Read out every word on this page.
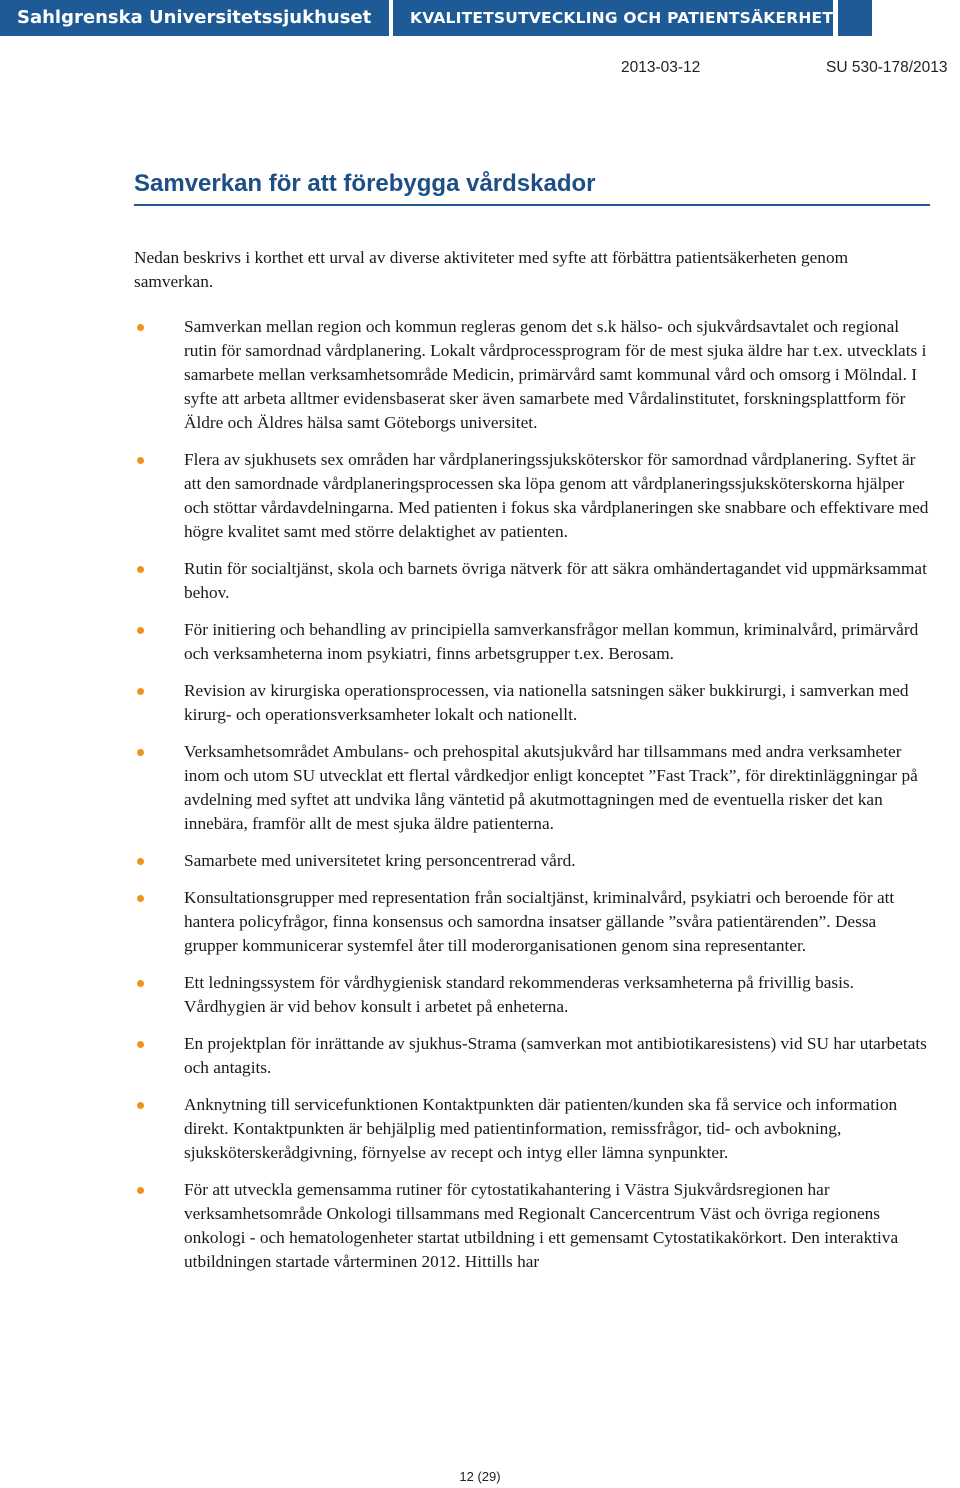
Sahlgrenska Universitetssjukhuset	KVALITETSUTVECKLING OCH PATIENTSÄKERHET
2013-03-12	SU 530-178/2013
Samverkan för att förebygga vårdskador

Nedan beskrivs i korthet ett urval av diverse aktiviteter med syfte att förbättra patientsäkerheten genom samverkan.

Samverkan mellan region och kommun regleras genom det s.k hälso- och sjukvårdsavtalet och regional rutin för samordnad vårdplanering. Lokalt vårdprocessprogram för de mest sjuka äldre har t.ex. utvecklats i samarbete mellan verksamhetsområde Medicin, primärvård samt kommunal vård och omsorg i Mölndal. I syfte att arbeta alltmer evidensbaserat sker även samarbete med Vårdalinstitutet, forskningsplattform för Äldre och Äldres hälsa samt Göteborgs universitet.
Flera av sjukhusets sex områden har vårdplaneringssjuksköterskor för samordnad vårdplanering. Syftet är att den samordnade vårdplaneringsprocessen ska löpa genom att vårdplaneringssjuksköterskorna hjälper och stöttar vårdavdelningarna. Med patienten i fokus ska vårdplaneringen ske snabbare och effektivare med högre kvalitet samt med större delaktighet av patienten.
Rutin för socialtjänst, skola och barnets övriga nätverk för att säkra omhändertagandet vid uppmärksammat behov.
För initiering och behandling av principiella samverkansfrågor mellan kommun, kriminalvård, primärvård och verksamheterna inom psykiatri, finns arbetsgrupper t.ex. Berosam.
Revision av kirurgiska operationsprocessen, via nationella satsningen säker bukkirurgi, i samverkan med kirurg- och operationsverksamheter lokalt och nationellt.
Verksamhetsområdet Ambulans- och prehospital akutsjukvård har tillsammans med andra verksamheter inom och utom SU utvecklat ett flertal vårdkedjor enligt konceptet ”Fast Track”, för direktinläggningar på avdelning med syftet att undvika lång väntetid på akutmottagningen med de eventuella risker det kan innebära, framför allt de mest sjuka äldre patienterna.
Samarbete med universitetet kring personcentrerad vård.
Konsultationsgrupper med representation från socialtjänst, kriminalvård, psykiatri och beroende för att hantera policyfrågor, finna konsensus och samordna insatser gällande ”svåra patientärenden”. Dessa grupper kommunicerar systemfel åter till moderorganisationen genom sina representanter.
Ett ledningssystem för vårdhygienisk standard rekommenderas verksamheterna på frivillig basis. Vårdhygien är vid behov konsult i arbetet på enheterna.
En projektplan för inrättande av sjukhus-Strama (samverkan mot antibiotikaresistens) vid SU har utarbetats och antagits.
Anknytning till servicefunktionen Kontaktpunkten där patienten/kunden ska få service och information direkt. Kontaktpunkten är behjälplig med patientinformation, remissfrågor, tid- och avbokning, sjuksköterskerådgivning, förnyelse av recept och intyg eller lämna synpunkter.
För att utveckla gemensamma rutiner för cytostatikahantering i Västra Sjukvårdsregionen har verksamhetsområde Onkologi tillsammans med Regionalt Cancercentrum Väst och övriga regionens onkologi - och hematologenheter startat utbildning i ett gemensamt Cytostatikakörkort. Den interaktiva utbildningen startade vårterminen 2012. Hittills har
12 (29)
